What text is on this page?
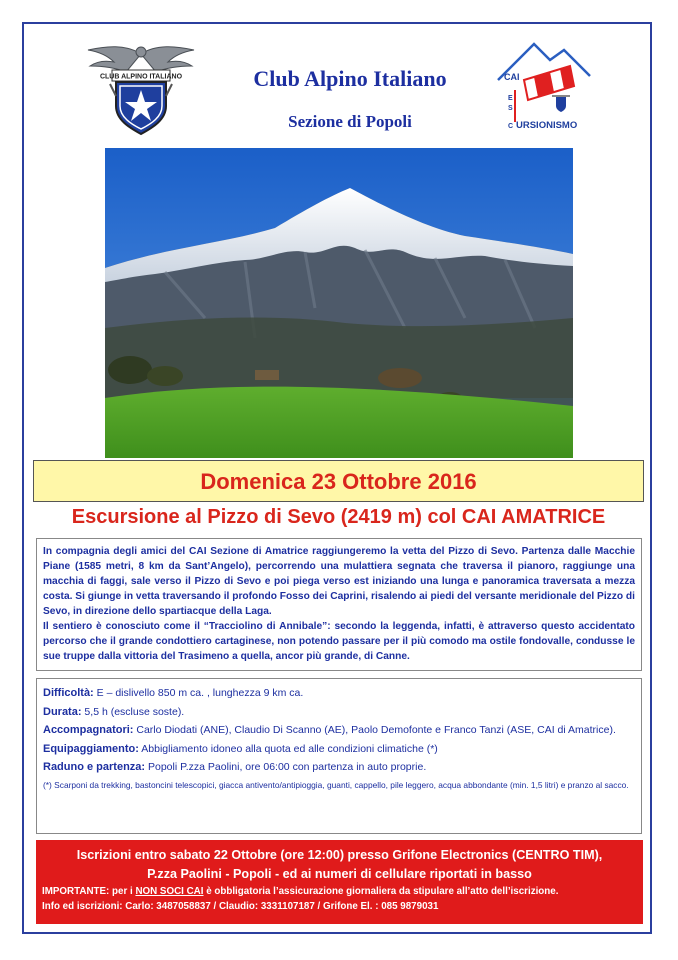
CLUB ALPINO ITALIANO	Club Alpino Italiano
Sezione di Popoli
CAI
E
S
C URSIONISMO
Domenica 23 Ottobre 2016
Escursione al Pizzo di Sevo (2419 m) col CAI AMATRICE

In compagnia degli amici del CAI Sezione di Amatrice raggiungeremo la vetta del Pizzo di Sevo. Partenza dalle Macchie Piane (1585 metri, 8 km da Sant’Angelo), percorrendo una mulattiera segnata che traversa il pianoro, raggiunge una macchia di faggi, sale verso il Pizzo di Sevo e poi piega verso est iniziando una lunga e panoramica traversata a mezza costa. Si giunge in vetta traversando il profondo Fosso dei Caprini, risalendo ai piedi del versante meridionale del Pizzo di Sevo, in direzione dello spartiacque della Laga.

Il sentiero è conosciuto come il “Tracciolino di Annibale”: secondo la leggenda, infatti, è attraverso questo accidentato percorso che il grande condottiero cartaginese, non potendo passare per il più comodo ma ostile fondovalle, condusse le sue truppe dalla vittoria del Trasimeno a quella, ancor più grande, di Canne.

Difficoltà: E – dislivello 850 m ca. , lunghezza 9 km ca.
Durata: 5,5 h (escluse soste).
Accompagnatori: Carlo Diodati (ANE), Claudio Di Scanno (AE), Paolo Demofonte e Franco Tanzi (ASE, CAI di Amatrice).
Equipaggiamento: Abbigliamento idoneo alla quota ed alle condizioni climatiche (*)
Raduno e partenza: Popoli P.zza Paolini, ore 06:00 con partenza in auto proprie.
(*) Scarponi da trekking, bastoncini telescopici, giacca antivento/antipioggia, guanti, cappello, pile leggero, acqua abbondante (min. 1,5 litri) e pranzo al sacco.
Iscrizioni entro sabato 22 Ottobre (ore 12:00) presso Grifone Electronics (CENTRO TIM),
P.zza Paolini - Popoli - ed ai numeri di cellulare riportati in basso
IMPORTANTE: per i NON SOCI CAI è obbligatoria l’assicurazione giornaliera da stipulare all’atto dell’iscrizione.
Info ed iscrizioni: Carlo: 3487058837 / Claudio: 3331107187 / Grifone El. : 085 9879031
